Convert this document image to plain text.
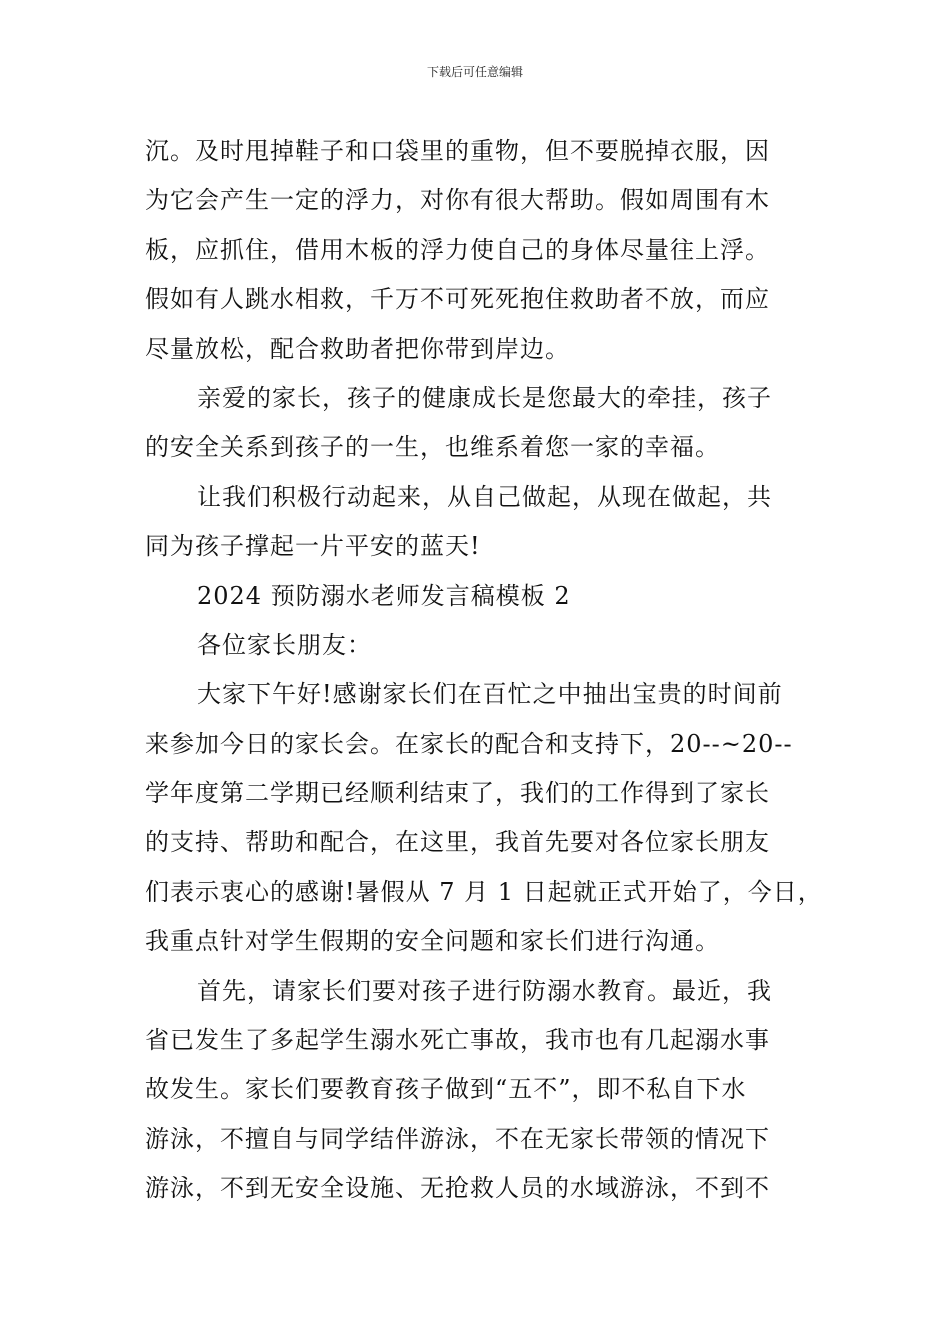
下载后可任意编辑
沉。及时甩掉鞋子和口袋里的重物，但不要脱掉衣服，因
为它会产生一定的浮力，对你有很大帮助。假如周围有木
板，应抓住，借用木板的浮力使自己的身体尽量往上浮。
假如有人跳水相救，千万不可死死抱住救助者不放，而应
尽量放松，配合救助者把你带到岸边。
亲爱的家长，孩子的健康成长是您最大的牵挂，孩子
的安全关系到孩子的一生，也维系着您一家的幸福。
让我们积极行动起来，从自己做起，从现在做起，共
同为孩子撑起一片平安的蓝天!
2024 预防溺水老师发言稿模板 2
各位家长朋友：
大家下午好!感谢家长们在百忙之中抽出宝贵的时间前
来参加今日的家长会。在家长的配合和支持下，20--~20--
学年度第二学期已经顺利结束了，我们的工作得到了家长
的支持、帮助和配合，在这里，我首先要对各位家长朋友
们表示衷心的感谢!暑假从 7 月 1 日起就正式开始了，今日，
我重点针对学生假期的安全问题和家长们进行沟通。
首先，请家长们要对孩子进行防溺水教育。最近，我
省已发生了多起学生溺水死亡事故，我市也有几起溺水事
故发生。家长们要教育孩子做到“五不”，即不私自下水
游泳，不擅自与同学结伴游泳，不在无家长带领的情况下
游泳，不到无安全设施、无抢救人员的水域游泳，不到不
